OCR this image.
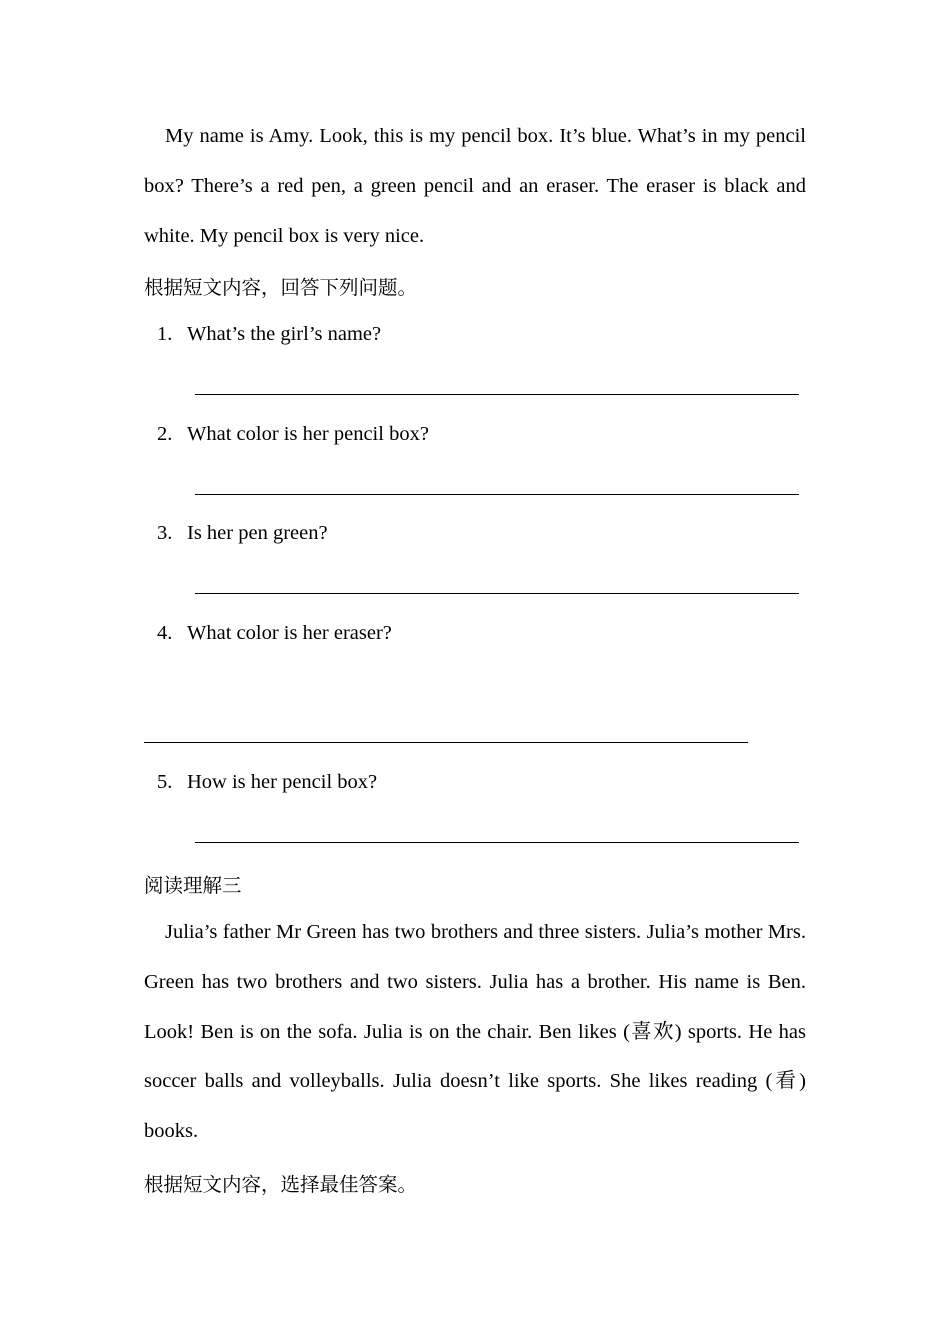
My name is Amy. Look, this is my pencil box. It’s blue. What’s in my pencil box? There’s a red pen, a green pencil and an eraser. The eraser is black and white. My pencil box is very nice.
根据短文内容，回答下列问题。
1. What’s the girl’s name?
2. What color is her pencil box?
3. Is her pen green?
4. What color is her eraser?
5. How is her pencil box?
阅读理解三
Julia’s father Mr Green has two brothers and three sisters. Julia’s mother Mrs. Green has two brothers and two sisters. Julia has a brother. His name is Ben. Look! Ben is on the sofa. Julia is on the chair. Ben likes (喜欢) sports. He has soccer balls and volleyballs. Julia doesn’t like sports. She likes reading (看) books.
根据短文内容，选择最佳答案。
